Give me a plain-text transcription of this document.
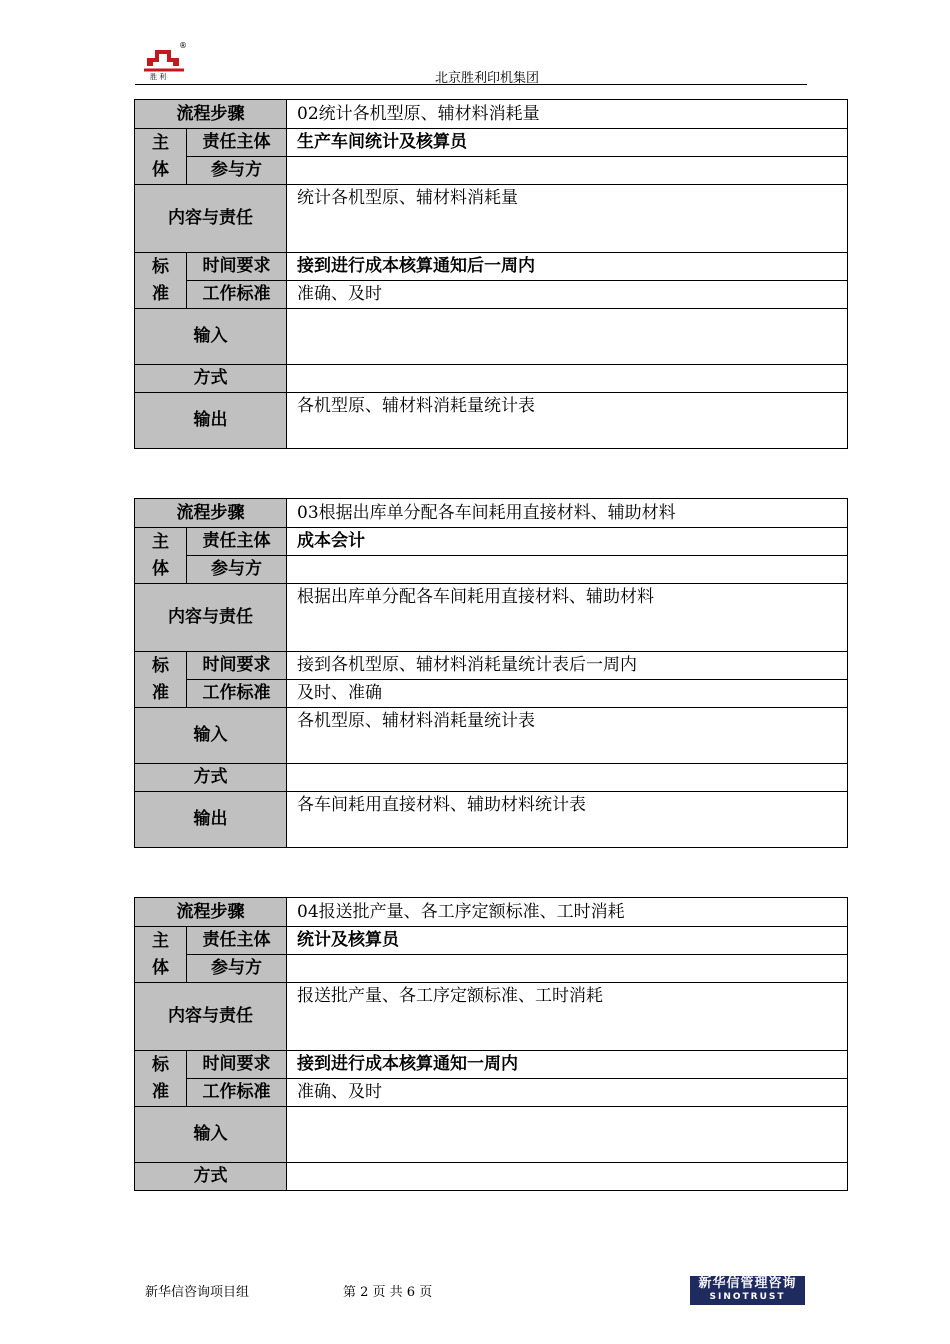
胜 利
®
北京胜利印机集团
流程步骤		02统计各机型原、辅材料消耗量
主
体	责任主体	生产车间统计及核算员
	参与方	
内容与责任		统计各机型原、辅材料消耗量
标
准	时间要求	接到进行成本核算通知后一周内
	工作标准	准确、及时
输入		
方式		
输出		各机型原、辅材料消耗量统计表
流程步骤		03根据出库单分配各车间耗用直接材料、辅助材料
主
体	责任主体	成本会计
	参与方	
内容与责任		根据出库单分配各车间耗用直接材料、辅助材料
标
准	时间要求	接到各机型原、辅材料消耗量统计表后一周内
	工作标准	及时、准确
输入		各机型原、辅材料消耗量统计表
方式		
输出		各车间耗用直接材料、辅助材料统计表
流程步骤		04报送批产量、各工序定额标准、工时消耗
主
体	责任主体	统计及核算员
	参与方	
内容与责任		报送批产量、各工序定额标准、工时消耗
标
准	时间要求	接到进行成本核算通知一周内
	工作标准	准确、及时
输入		
方式		
新华信咨询项目组	第 2 页 共 6 页
新华信管理咨询
SINOTRUST
